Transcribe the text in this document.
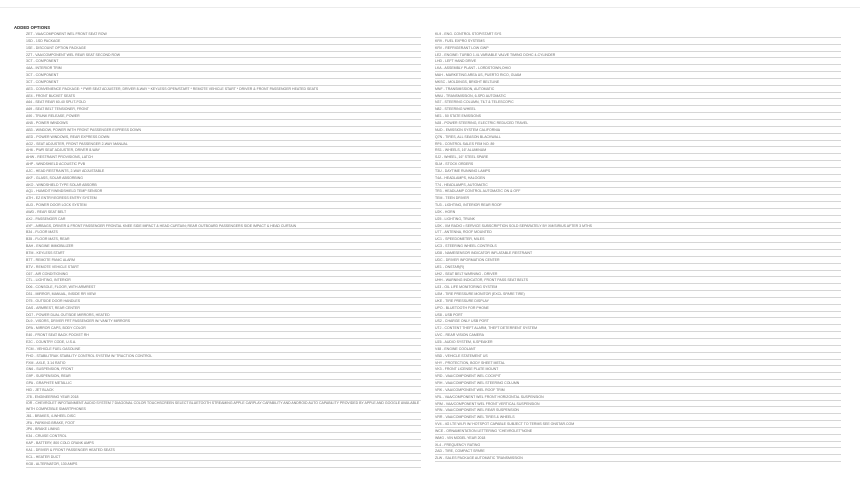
ADDED OPTIONS
ZET - VAA/COMPONENT WEL FRONT SEAT ROW
1SD - 1SD PACKAGE
1SE - DISCOUNT OPTION PACKAGE
2ZT - VAA/COMPONENT WEL REAR SEAT SECOND ROW
3CT - COMPONENT
4AA - INTERIOR TRIM
3CT - COMPONENT
3CT - COMPONENT
AE3 - CONVENIENCE PACKAGE: * PWR SEAT ADJUSTER, DRIVER 8-WAY * KEYLESS OPEN/START * REMOTE VEHICLE START * DRIVER & FRONT PASSENGER HEATED SEATS
AE4 - FRONT BUCKET SEATS
A64 - SEAT REAR 60-40 SPLIT-FOLD
A69 - SEAT BELT TENSIONER, FRONT
A90 - TRUNK RELEASE, POWER
AN5 - POWER WINDOWS
AB3 - WINDOW, POWER WITH FRONT PASSENGER EXPRESS DOWN
AED - POWER WINDOWS, REAR EXPRESS DOWN
AG2 - SEAT ADJUSTER, FRONT PASSENGER 2-WAY MANUAL
AH6 - PWR SEAT ADJUSTER, DRIVER 8-WAY
AHW - RESTRAINT PROVISIONS, LATCH
AHP - WINDSHIELD ACOUSTIC PVB
AJC - HEAD RESTRAINTS, 2-WAY ADJUSTABLE
AKF - GLASS, SOLAR ABSORBING
AKO - WINDSHIELD TYPE SOLAR ABSORB
AQ1 - HUMIDITY/WINDSHIELD TEMP SENSOR
ATH - EZ ENTRY/EGRESS ENTRY SYSTEM
AU3 - POWER DOOR LOCK SYSTEM
AWD - REAR SEAT BELT
AXJ - PASSENGER CAR
AYF - AIRBAGS, DRIVER & FRONT PASSENGER FRONTAL KNEE SIDE IMPACT & HEAD CURTAIN; REAR OUTBOARD PASSENGERS SIDE IMPACT & HEAD CURTAIN
B34 - FLOOR MATS
B35 - FLOOR MATS, REAR
BAH - ENGINE IMMOBILIZER
BTM - KEYLESS START
BTT - REMOTE PANIC ALARM
BTV - REMOTE VEHICLE START
C67 - AIR CONDITIONING
CTL - LIGHTING, INTERIOR
D06 - CONSOLE, FLOOR, WITH ARMREST
D31 - MIRROR, MANUAL, INSIDE RR VIEW
D75 - OUTSIDE DOOR HANDLES
DAS - ARMREST, REAR CENTER
DG7 - POWER DUAL OUTSIDE MIRRORS, HEATED
DL9 - VISORS, DRIVER FRT PASSENGER W/ VANITY MIRRORS
DPA - MIRROR CAPS, BODY COLOR
E40 - FRONT SEAT BACK POCKET RH
E2C - COUNTRY CODE, U.S.A.
FCM - VEHICLE FUEL GASOLINE
FHO - STABILITRAK STABILITY CONTROL SYSTEM W/ TRACTION CONTROL
FXM - AXLE, 3.14 RATIO
GN6 - SUSPENSION, FRONT
G9P - SUSPENSION, REAR
GPA - GRAPHITE METALLIC
HID - JET BLACK
J78 - ENGINEERING YEAR 2018
IOR - CHEVROLET INFOTAINMENT AUDIO SYSTEM 7 DIAGONAL COLOR TOUCHSCREEN SELECT BLUETOOTH STREAMING APPLE CARPLAY CAPABILITY AND ANDROID AUTO CAPABILITY PROVIDED BY APPLE AND GOOGLE AVAILABLE WITH COMPATIBLE SMARTPHONES
J61 - BRAKES, 4-WHEEL DISC
JFA - PARKING BRAKE, FOOT
JP6 - BRAKE LINING
K34 - CRUISE CONTROL
KAP - BATTERY, 800 COLD CRANK AMPS
KA1 - DRIVER & FRONT PASSENGER HEATED SEATS
KCL - HEATER DUCT
KG8 - ALTERNATOR, 130 AMPS
KL9 - ENG. CONTROL STOP/START SYS
KR9 - FUEL EXPRO SYSTEMS
KRV - REFRIGERANT LOW GWP
LE2 - ENGINE: TURBO 1.4L VARIABLE VALVE TIMING DOHC 4-CYLINDER
LHD - LEFT HAND DRIVE
LKA - ASSEMBLY PLANT - LORDSTOWN,OHIO
MAH - MARKETING AREA US, PUERTO RICO, GUAM
MKSC - MOLDINGS, BRIGHT BELTLINE
MNF - TRANSMISSION, AUTOMATIC
MNU - TRANSMISSION, 6-SPD AUTOMATIC
N37 - STEERING COLUMN, TILT & TELESCOPIC
N82 - STEERING WHEEL
NE1 - 50 STATE EMISSIONS
NJ8 - POWER STEERING, ELECTRIC REDUCED TRAVEL
NUD - EMISSION SYSTEM CALIFORNIA
Q7N - TIRES, ALL SEASON BLACKWALL
RF6 - CONTROL SALES FEM NO. 89
RS1 - WHEELS, 16" ALUMINUM
SJ2 - WHEEL, 16" STEEL SPARE
SLM - STOCK ORDERS
T3U - DAYTIME RUNNING LAMPS
T4A - HEADLAMPS, HALOGEN
T74 - HEADLAMPS, AUTOMATIC
TR3 - HEADLAMP CONTROL AUTOMATIC ON & OFF
TEM - TEEN DRIVER
TU3 - LIGHTING, INTERIOR REAR ROOF
U2K - HORN
U25 - LIGHTING, TRUNK
U2K - XM RADIO • SERVICE SUBSCRIPTION SOLD SEPARATELY BY XM/SIRIUS AFTER 3 MTHS
U77 - ANTENNA, ROOF MOUNTED
UC1 - SPEEDOMETER, MILES
UC3 - STEERING WHEEL CONTROLS
UD8 - NAMESENSOR INDICATOR INFLATABLE RESTRAINT
UDC - DRIVER INFORMATION CENTER
UE1 - ONSTAR(R)
UH2 - SEAT BELT WARNING - DRIVER
UHH - WARNING INDICATOR, FRONT PASS SEAT BELTS
UJ3 - OIL LIFE MONITORING SYSTEM
UJM - TIRE PRESSURE MONITOR (EXCL SPARE TIRE)
UKE - TIRE PRESSURE DISPLAY
UPO - BLUETOOTH FOR PHONE
US8 - USB PORT
US2 - CHARGE ONLY USB PORT
UTJ - CONTENT THEFT ALARM, THEFT DETERRENT SYSTEM
UVC - REAR VISION CAMERA
UZ6 - AUDIO SYSTEM, 6-SPEAKER
V48 - ENGINE COOLANT
VBD - VEHICLE STATEMENT US
VHY - PROTECTION, BODY SHEET METAL
VK3 - FRONT LICENSE PLATE MOUNT
VRD - VAA/COMPONENT WEL COCKPIT
VRH - VAA/COMPONENT WEL STEERING COLUMN
VRK - VAA/COMPONENT WEL ROOF TRIM
VRL - VAA/COMPONENT WEL FRONT HORIZONTAL SUSPENSION
VRM - VAA/COMPONENT WEL FRONT VERTICAL SUSPENSION
VRN - VAA/COMPONENT WEL REAR SUSPENSION
VRR - VAA/COMPONENT WEL TIRES & WHEELS
VV4 - 4G LTE WI-FI W/ HOTSPOT CAPABLE SUBJECT TO TERMS SEE ONSTAR.COM
WCE - ORNAMENTATION LETTERING "CHEVROLET"NONE
WMG - VIN MODEL YEAR 2018
XL4 - FREQUENCY RATING
ZAD - TIRE, COMPACT SPARE
ZLW - SALES PACKAGE AUTOMATIC TRANSMISSION
